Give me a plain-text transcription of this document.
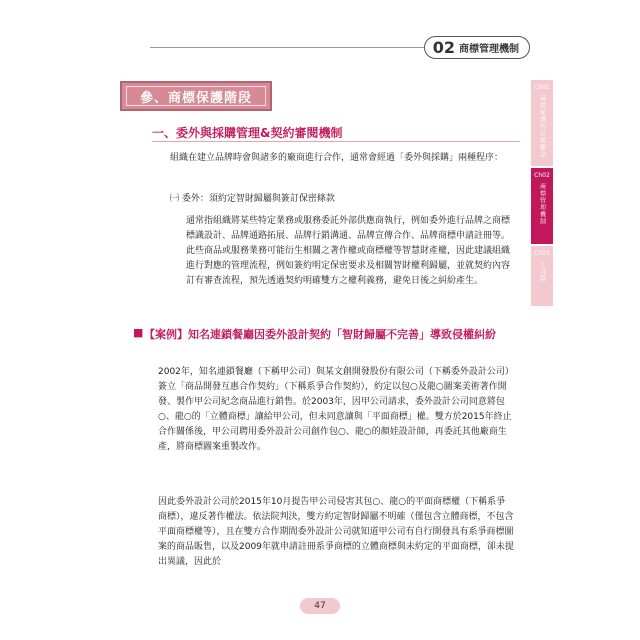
02 商標管理機制
Ch01
商標保護的必備觀念
Ch02
商標管理機制
Ch03
工具篇
參、商標保護階段
一、委外與採購管理&契約審閱機制

組織在建立品牌時會與諸多的廠商進行合作，通常會經過「委外與採購」兩種程序：

㈠ 委外：須約定智財歸屬與簽訂保密條款

通常指組織將某些特定業務或服務委託外部供應商執行，例如委外進行品牌之商標標識設計、品牌通路拓展、品牌行銷溝通、品牌宣傳合作、品牌商標申請註冊等。此些商品或服務業務可能衍生相關之著作權或商標權等智慧財產權，因此建議組織進行對應的管理流程，例如簽約明定保密要求及相關智財權利歸屬，並就契約內容訂有審查流程，預先透過契約明確雙方之權利義務，避免日後之糾紛產生。

■ 【案例】知名連鎖餐廳因委外設計契約「智財歸屬不完善」導致侵權糾紛

2002年，知名連鎖餐廳（下稱甲公司）與某文創開發股份有限公司（下稱委外設計公司）簽立「商品開發互惠合作契約」（下稱系爭合作契約），約定以包○及龍○圖案美術著作開發、製作甲公司紀念商品進行銷售。於2003年，因甲公司請求，委外設計公司同意將包○、龍○的「立體商標」讓給甲公司，但未同意讓與「平面商標」權。雙方於2015年終止合作關係後，甲公司聘用委外設計公司創作包○、龍○的顏娃設計師，再委託其他廠商生產，將商標圖案重製改作。

因此委外設計公司於2015年10月提告甲公司侵害其包○、龍○的平面商標權（下稱系爭商標），違反著作權法。依法院判決，雙方約定智財歸屬不明確（僅包含立體商標，不包含平面商標權等），且在雙方合作期間委外設計公司就知道甲公司有自行開發具有系爭商標圖案的商品販售，以及2009年就申請註冊系爭商標的立體商標與未約定的平面商標，卻未提出異議，因此於

47
